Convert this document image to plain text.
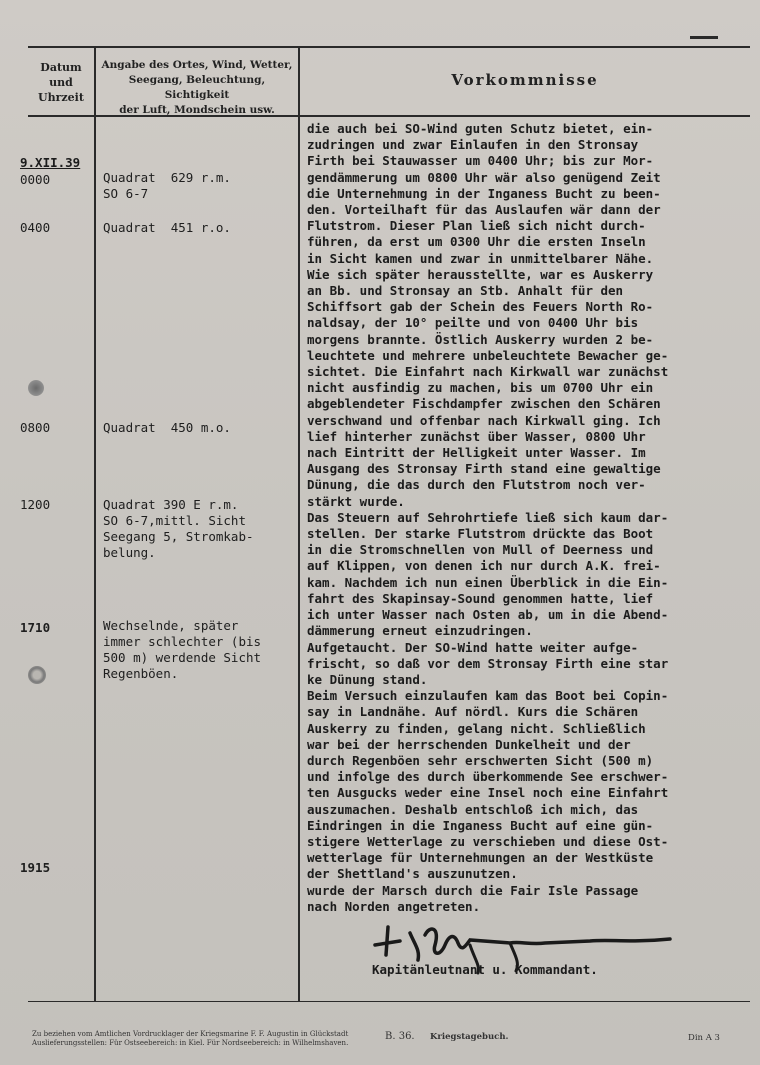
Datum
und
Uhrzeit
Angabe des Ortes, Wind, Wetter,
Seegang, Beleuchtung, Sichtigkeit
der Luft, Mondschein usw.
Vorkommnisse
9.XII.39
0000
0400
0800
1200
1710
1915
Quadrat  629 r.m.
SO 6-7
Quadrat  451 r.o.
Quadrat  450 m.o.
Quadrat 390 E r.m.
SO 6-7,mittl. Sicht
Seegang 5, Stromkab-
belung.
Wechselnde, später
immer schlechter (bis
500 m) werdende Sicht
Regenböen.
die auch bei SO-Wind guten Schutz bietet, ein-
zudringen und zwar Einlaufen in den Stronsay
Firth bei Stauwasser um 0400 Uhr; bis zur Mor-
gendämmerung um 0800 Uhr wär also genügend Zeit
die Unternehmung in der Inganess Bucht zu been-
den. Vorteilhaft für das Auslaufen wär dann der
Flutstrom. Dieser Plan ließ sich nicht durch-
führen, da erst um 0300 Uhr die ersten Inseln
in Sicht kamen und zwar in unmittelbarer Nähe.
Wie sich später herausstellte, war es Auskerry
an Bb. und Stronsay an Stb. Anhalt für den
Schiffsort gab der Schein des Feuers North Ro-
naldsay, der 10° peilte und von 0400 Uhr bis
morgens brannte. Östlich Auskerry wurden 2 be-
leuchtete und mehrere unbeleuchtete Bewacher ge-
sichtet. Die Einfahrt nach Kirkwall war zunächst
nicht ausfindig zu machen, bis um 0700 Uhr ein
abgeblendeter Fischdampfer zwischen den Schären
verschwand und offenbar nach Kirkwall ging. Ich
lief hinterher zunächst über Wasser, 0800 Uhr
nach Eintritt der Helligkeit unter Wasser. Im
Ausgang des Stronsay Firth stand eine gewaltige
Dünung, die das durch den Flutstrom noch ver-
stärkt wurde.
Das Steuern auf Sehrohrtiefe ließ sich kaum dar-
stellen. Der starke Flutstrom drückte das Boot
in die Stromschnellen von Mull of Deerness und
auf Klippen, von denen ich nur durch A.K. frei-
kam. Nachdem ich nun einen Überblick in die Ein-
fahrt des Skapinsay-Sound genommen hatte, lief
ich unter Wasser nach Osten ab, um in die Abend-
dämmerung erneut einzudringen.
Aufgetaucht. Der SO-Wind hatte weiter aufge-
frischt, so daß vor dem Stronsay Firth eine star
ke Dünung stand.
Beim Versuch einzulaufen kam das Boot bei Copin-
say in Landnähe. Auf nördl. Kurs die Schären
Auskerry zu finden, gelang nicht. Schließlich
war bei der herrschenden Dunkelheit und der
durch Regenböen sehr erschwerten Sicht (500 m)
und infolge des durch überkommende See erschwer-
ten Ausgucks weder eine Insel noch eine Einfahrt
auszumachen. Deshalb entschloß ich mich, das
Eindringen in die Inganess Bucht auf eine gün-
stigere Wetterlage zu verschieben und diese Ost-
wetterlage für Unternehmungen an der Westküste
der Shettland's auszunutzen.
wurde der Marsch durch die Fair Isle Passage
nach Norden angetreten.
Kapitänleutnant u. Kommandant.
Zu beziehen vom Amtlichen Vordrucklager der Kriegsmarine F. F. Augustin in Glückstadt
Auslieferungsstellen: Für Ostseebereich: in Kiel. Für Nordseebereich: in Wilhelmshaven.
B. 36. Kriegstagebuch.	Din A 3
